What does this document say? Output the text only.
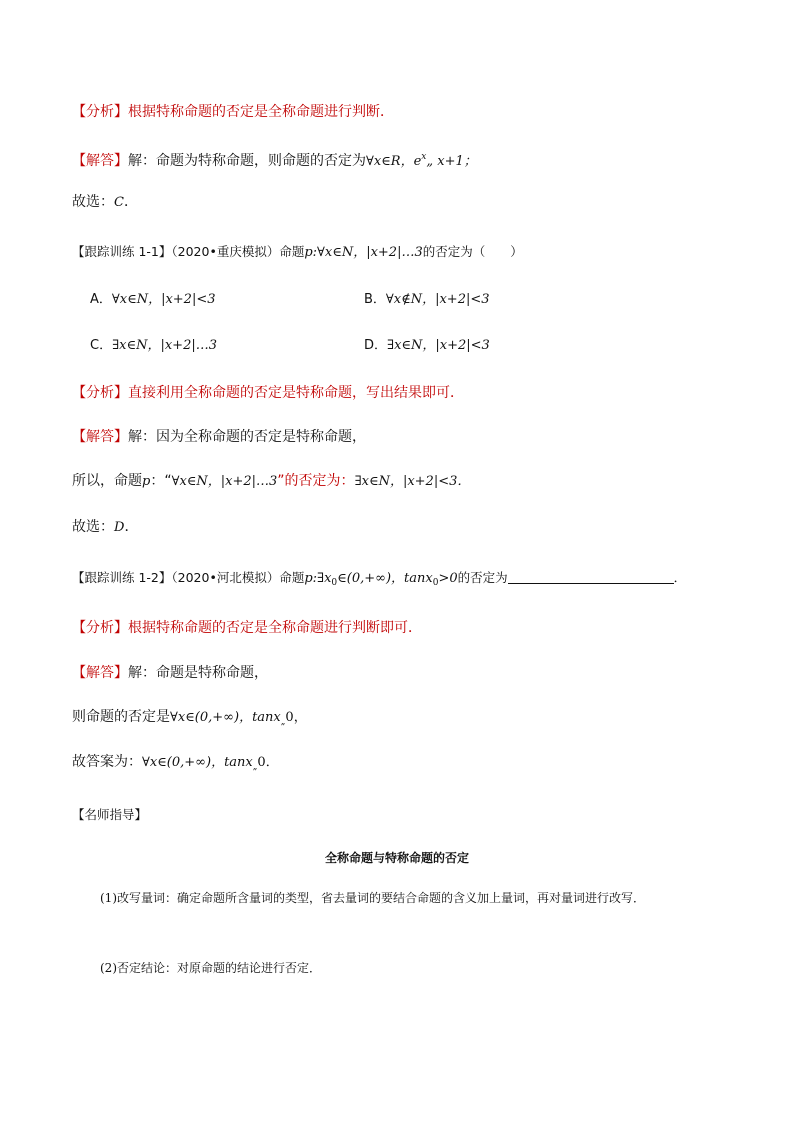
【分析】根据特称命题的否定是全称命题进行判断．
【解答】解：命题为特称命题，则命题的否定为∀x∈R，$e^x„$ x+1；
故选：C．
【跟踪训练 1-1】（2020•重庆模拟）命题p:∀x∈N，|x+2|…3的否定为（　　）
A．∀x∈N，|x+2|<3	B．∀x∉N，|x+2|<3
C．∃x∈N，|x+2|…3	D．∃x∈N，|x+2|<3
【分析】直接利用全称命题的否定是特称命题，写出结果即可．
【解答】解：因为全称命题的否定是特称命题，
所以，命题p：“∀x∈N，|x+2|…3”的否定为：∃x∈N，|x+2|<3．
故选：D．
【跟踪训练 1-2】（2020•河北模拟）命题$p:\exists x_0\in(0,+\infty)$，tanx$_0$>0的否定为	．
【分析】根据特称命题的否定是全称命题进行判断即可．
【解答】解：命题是特称命题，
则命题的否定是∀x∈(0,+∞)，tanx$_„$0，
故答案为：∀x∈(0,+∞)，tanx$_„$0．
【名师指导】
全称命题与特称命题的否定
(1)改写量词：确定命题所含量词的类型，省去量词的要结合命题的含义加上量词，再对量词进行改写．
(2)否定结论：对原命题的结论进行否定．
